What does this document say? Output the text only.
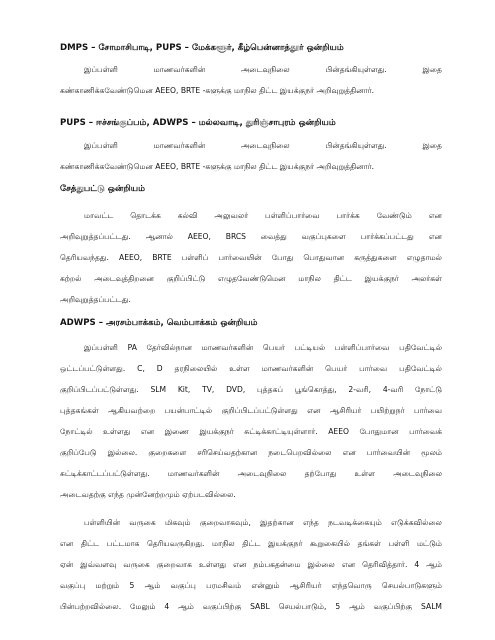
DMPS – சோமாசிபாடி, PUPS – மேக்களூர், கீழ்பென்னாத்தூர் ஒன்றியம்
இப்பள்ளி மாணவர்களின் அடைவுநிலை பின்தங்கியுள்ளது. இதை
கண்காணிக்கவேண்டுமென AEEO, BRTE -களுக்கு மாநில திட்ட இயக்குநர் அறிவுறுத்தினார்.
PUPS – ஈச்சங்குப்பம், ADWPS – மல்லவாடி, துரிஞ்சாபுரம் ஒன்றியம்
இப்பள்ளி மாணவர்களின் அடைவுநிலை பின்தங்கியுள்ளது. இதை
கண்காணிக்கவேண்டுமென AEEO, BRTE -களுக்கு மாநில திட்ட இயக்குநர் அறிவுறுத்தினார்.
சேத்துபட்டு ஒன்றியம்
மாவட்ட தொடக்க கல்வி அலுவலர் பள்ளிப்பார்வை பார்க்க வேண்டும் என
அறிவுறுத்தப்பட்டது. ஆனால் AEEO, BRCS வைத்து வகுப்புகளை பார்க்கப்பட்டது என
தெரியவந்தது. AEEO, BRTE பள்ளிப் பார்வையின் போது பொதுவான கருத்துகளை எழுதாமல்
கற்றல் அடைவுத்திறனை குறிப்பிட்டு எழுதவேண்டுமென மாநில திட்ட இயக்குநர் அலர்கள்
அறிவுறுத்தப்பட்டது.
ADWPS – அரசம்பாக்கம், வெம்பாக்கம் ஒன்றியம்
இப்பள்ளி PA தேர்வில்நான மாணவர்களின் பெயர் பட்டியல் பள்ளிப்பார்வை பதிவேட்டில்
ஒட்டப்பட்டுள்ளது. C, D தரநிலையில் உள்ள மாணவர்களின் பெயர் பார்வை பதிவேட்டில்
குறிப்பிடப்பட்டுள்ளது. SLM Kit, TV, DVD, புத்தகப் பூங்கொத்து, 2-வரி, 4-வரி நோட்டு
புத்தகங்கள் ஆகியவற்றை பயன்பாட்டில் குறிப்பிடப்பட்டுள்ளது என ஆசிரியர் பயிற்றுநர் பார்வை
நோட்டில் உள்ளது என இணை இயக்குநர் சுட்டிக்காட்டியுள்ளார். AEEO போதுமான பார்வைக்
குறிப்பேடு இல்லை. குறைகளை சரிசெய்வதற்கான நடைபெறவில்லை என பார்வையின் மூலம்
சுட்டிக்காட்டப்பட்டுள்ளது. மாணவர்களின் அடைவுநிலை தற்போது உள்ள அடைவுநிலை
அடைவதற்கு எந்த முன்னேற்றமும் ஏற்படவில்லை.
பள்ளியின் வருகை மிகவும் குறைவாகவும், இதற்கான எந்த நடவடிக்கையும் எடுக்கவில்லை
என திட்ட பட்டமாக தெரியவருகிறது. மாநில திட்ட இயக்குநர் கூறுகையில் தங்கள் பள்ளி மட்டும்
ஏன் இவ்வளவு வருகை குறைவாக உள்ளது என நம்பகதன்மை இல்லை என தெரிவித்தார். 4 ஆம்
வகுப்பு மற்றும் 5 ஆம் வகுப்பு பரமசிவம் என்னும் ஆசிரியர் எந்தவொரு செயல்பாடுகளும்
பின்பற்றவில்லை. மேலும் 4 ஆம் வகுப்பிற்கு SABL செயல்பாடும், 5 ஆம் வகுப்பிற்கு SALM
